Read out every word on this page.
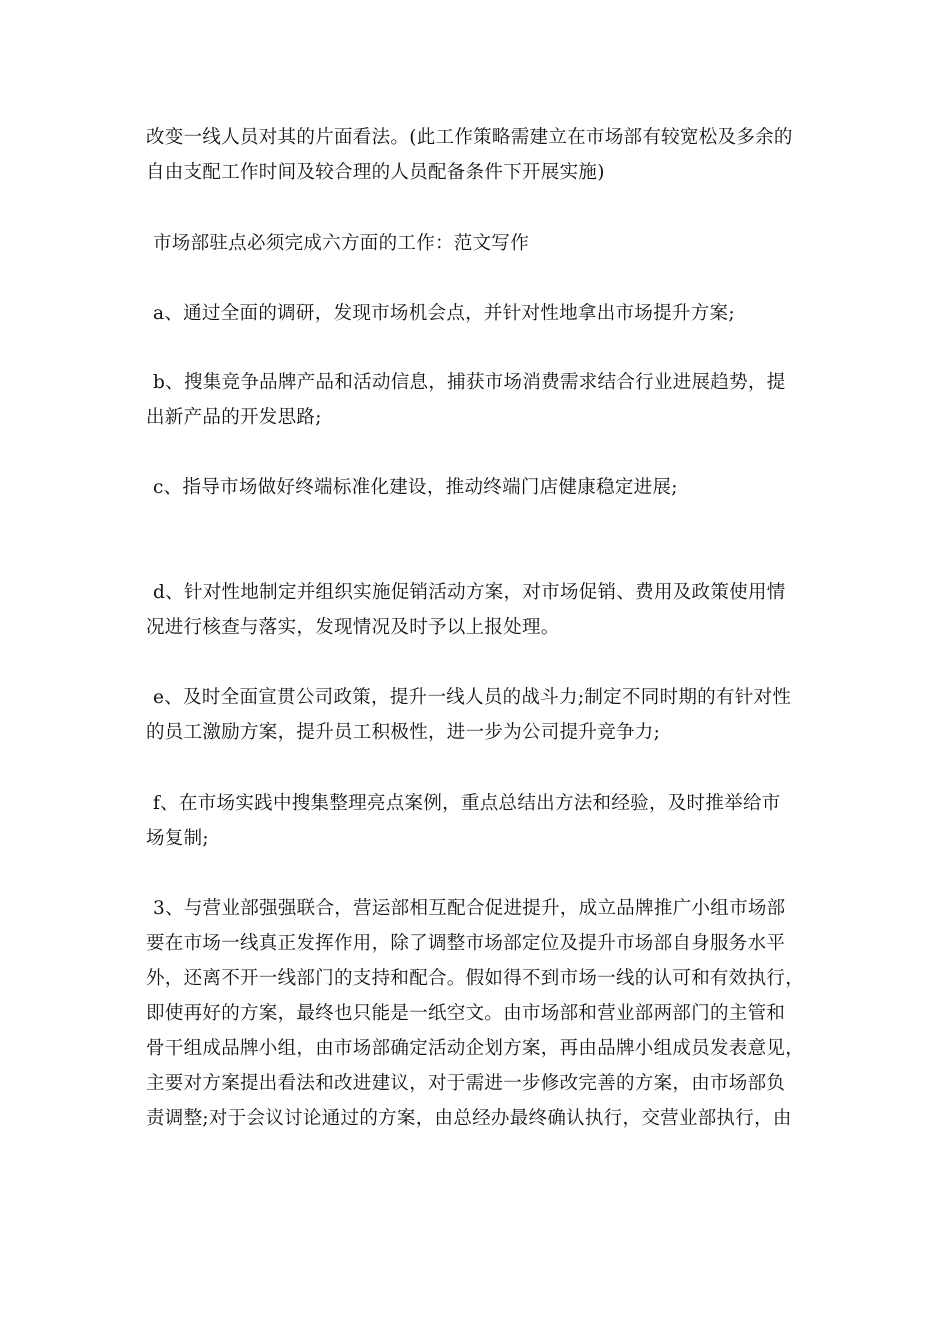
改变一线人员对其的片面看法。(此工作策略需建立在市场部有较宽松及多余的
自由支配工作时间及较合理的人员配备条件下开展实施)

市场部驻点必须完成六方面的工作：范文写作

a、通过全面的调研，发现市场机会点，并针对性地拿出市场提升方案;

b、搜集竞争品牌产品和活动信息，捕获市场消费需求结合行业进展趋势，提
出新产品的开发思路;

c、指导市场做好终端标准化建设，推动终端门店健康稳定进展;

d、针对性地制定并组织实施促销活动方案，对市场促销、费用及政策使用情
况进行核查与落实，发现情况及时予以上报处理。

e、及时全面宣贯公司政策，提升一线人员的战斗力;制定不同时期的有针对性
的员工激励方案，提升员工积极性，进一步为公司提升竞争力;

f、在市场实践中搜集整理亮点案例，重点总结出方法和经验，及时推举给市
场复制;

3、与营业部强强联合，营运部相互配合促进提升，成立品牌推广小组市场部
要在市场一线真正发挥作用，除了调整市场部定位及提升市场部自身服务水平
外，还离不开一线部门的支持和配合。假如得不到市场一线的认可和有效执行，
即使再好的方案，最终也只能是一纸空文。由市场部和营业部两部门的主管和
骨干组成品牌小组，由市场部确定活动企划方案，再由品牌小组成员发表意见，
主要对方案提出看法和改进建议，对于需进一步修改完善的方案，由市场部负
责调整;对于会议讨论通过的方案，由总经办最终确认执行，交营业部执行，由
